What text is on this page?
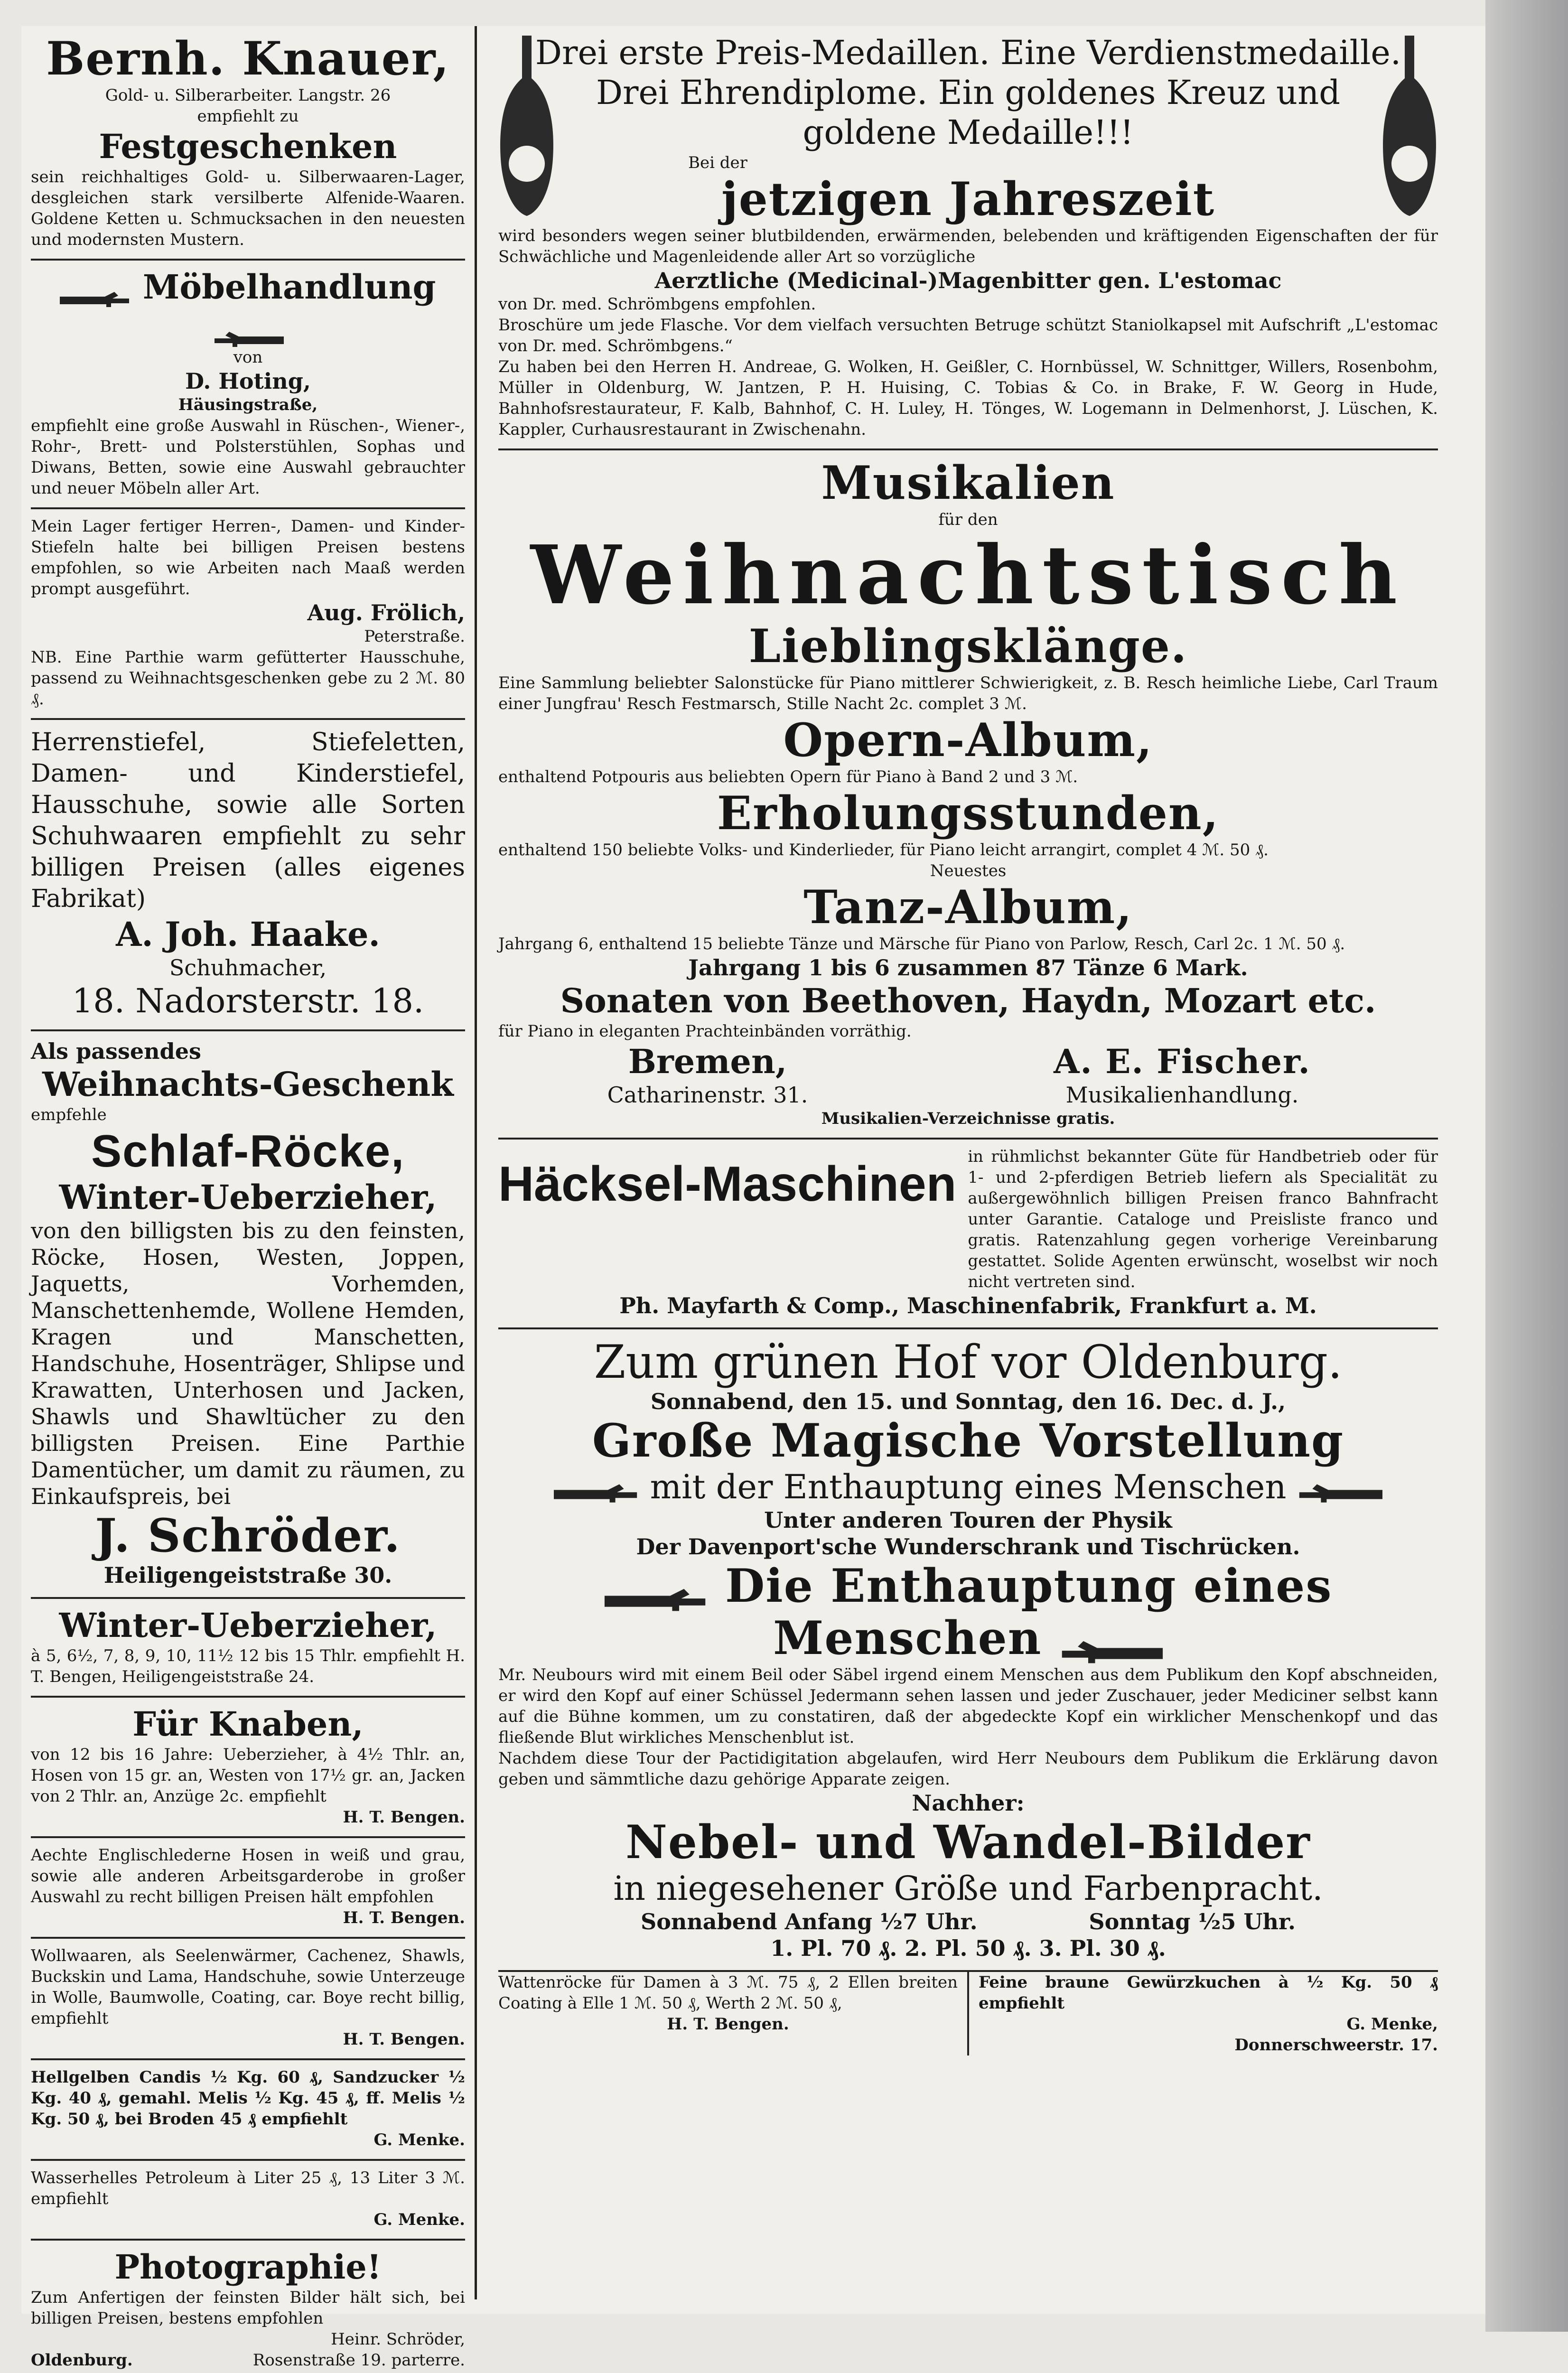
Bernh. Knauer,
Gold- u. Silberarbeiter. Langstr. 26
empfiehlt zu
Festgeschenken
sein reichhaltiges Gold- u. Silberwaaren-Lager, desgleichen stark versilberte Alfenide-Waaren. Goldene Ketten u. Schmucksachen in den neuesten und modernsten Mustern.
Möbelhandlung
von
D. Hoting,
Häusingstraße,
empfiehlt eine große Auswahl in Rüschen-, Wiener-, Rohr-, Brett- und Polsterstühlen, Sophas und Diwans, Betten, sowie eine Auswahl gebrauchter und neuer Möbeln aller Art.
Mein Lager fertiger Herren-, Damen- und Kinder-Stiefeln halte bei billigen Preisen bestens empfohlen, so wie Arbeiten nach Maaß werden prompt ausgeführt.
Aug. Frölich,
Peterstraße.
NB. Eine Parthie warm gefütterter Hausschuhe, passend zu Weihnachtsgeschenken gebe zu 2 ℳ. 80 ₰.
Herrenstiefel, Stiefeletten, Damen- und Kinderstiefel, Hausschuhe, sowie alle Sorten Schuhwaaren empfiehlt zu sehr billigen Preisen (alles eigenes Fabrikat)
A. Joh. Haake.
Schuhmacher,
18. Nadorsterstr. 18.
Als passendes
Weihnachts-Geschenk
empfehle
Schlaf-Röcke,
Winter-Ueberzieher,
von den billigsten bis zu den feinsten, Röcke, Hosen, Westen, Joppen, Jaquetts, Vorhemden, Manschettenhemde, Wollene Hemden, Kragen und Manschetten, Handschuhe, Hosenträger, Shlipse und Krawatten, Unterhosen und Jacken, Shawls und Shawltücher zu den billigsten Preisen. Eine Parthie Damentücher, um damit zu räumen, zu Einkaufspreis, bei
J. Schröder.
Heiligengeiststraße 30.
Winter-Ueberzieher,
à 5, 6½, 7, 8, 9, 10, 11½ 12 bis 15 Thlr. empfiehlt H. T. Bengen, Heiligengeiststraße 24.
Für Knaben,
von 12 bis 16 Jahre: Ueberzieher, à 4½ Thlr. an, Hosen von 15 gr. an, Westen von 17½ gr. an, Jacken von 2 Thlr. an, Anzüge 2c. empfiehlt
H. T. Bengen.
Aechte Englischlederne Hosen in weiß und grau, sowie alle anderen Arbeitsgarderobe in großer Auswahl zu recht billigen Preisen hält empfohlen
H. T. Bengen.
Wollwaaren, als Seelenwärmer, Cachenez, Shawls, Buckskin und Lama, Handschuhe, sowie Unterzeuge in Wolle, Baumwolle, Coating, car. Boye recht billig, empfiehlt
H. T. Bengen.
Hellgelben Candis ½ Kg. 60 ₰, Sandzucker ½ Kg. 40 ₰, gemahl. Melis ½ Kg. 45 ₰, ff. Melis ½ Kg. 50 ₰, bei Broden 45 ₰ empfiehlt
G. Menke.
Wasserhelles Petroleum à Liter 25 ₰, 13 Liter 3 ℳ. empfiehlt
G. Menke.
Photographie!
Zum Anfertigen der feinsten Bilder hält sich, bei billigen Preisen, bestens empfohlen
Heinr. Schröder,
Oldenburg.	Rosenstraße 19. parterre.
Drei erste Preis-Medaillen. Eine Verdienstmedaille.
Drei Ehrendiplome. Ein goldenes Kreuz und
goldene Medaille!!!
Bei der
jetzigen Jahreszeit
wird besonders wegen seiner blutbildenden, erwärmenden, belebenden und kräftigenden Eigenschaften der für Schwächliche und Magenleidende aller Art so vorzügliche
Aerztliche (Medicinal-)Magenbitter gen. L'estomac
von Dr. med. Schrömbgens empfohlen.
Broschüre um jede Flasche. Vor dem vielfach versuchten Betruge schützt Staniolkapsel mit Aufschrift „L'estomac von Dr. med. Schrömbgens.“
Zu haben bei den Herren H. Andreae, G. Wolken, H. Geißler, C. Hornbüssel, W. Schnittger, Willers, Rosenbohm, Müller in Oldenburg, W. Jantzen, P. H. Huising, C. Tobias & Co. in Brake, F. W. Georg in Hude, Bahnhofsrestaurateur, F. Kalb, Bahnhof, C. H. Luley, H. Tönges, W. Logemann in Delmenhorst, J. Lüschen, K. Kappler, Curhausrestaurant in Zwischenahn.
Musikalien
für den
Weihnachtstisch
Lieblingsklänge.
Eine Sammlung beliebter Salonstücke für Piano mittlerer Schwierigkeit, z. B. Resch heimliche Liebe, Carl Traum einer Jungfrau' Resch Festmarsch, Stille Nacht 2c. complet 3 ℳ.
Opern-Album,
enthaltend Potpouris aus beliebten Opern für Piano à Band 2 und 3 ℳ.
Erholungsstunden,
enthaltend 150 beliebte Volks- und Kinderlieder, für Piano leicht arrangirt, complet 4 ℳ. 50 ₰.
Neuestes
Tanz-Album,
Jahrgang 6, enthaltend 15 beliebte Tänze und Märsche für Piano von Parlow, Resch, Carl 2c. 1 ℳ. 50 ₰.
Jahrgang 1 bis 6 zusammen 87 Tänze 6 Mark.
Sonaten von Beethoven, Haydn, Mozart etc.
für Piano in eleganten Prachteinbänden vorräthig.
Bremen,
Catharinenstr. 31.
A. E. Fischer.
Musikalienhandlung.
Musikalien-Verzeichnisse gratis.
Häcksel-Maschinen in rühmlichst bekannter Güte für Handbetrieb oder für 1- und 2-pferdigen Betrieb liefern als Specialität zu außergewöhnlich billigen Preisen franco Bahnfracht unter Garantie. Cataloge und Preisliste franco und gratis. Ratenzahlung gegen vorherige Vereinbarung gestattet. Solide Agenten erwünscht, woselbst wir noch nicht vertreten sind.
Ph. Mayfarth & Comp., Maschinenfabrik, Frankfurt a. M.
Zum grünen Hof vor Oldenburg.
Sonnabend, den 15. und Sonntag, den 16. Dec. d. J.,
Große Magische Vorstellung
mit der Enthauptung eines Menschen
Unter anderen Touren der Physik
Der Davenport'sche Wunderschrank und Tischrücken.
Die Enthauptung eines Menschen
Mr. Neubours wird mit einem Beil oder Säbel irgend einem Menschen aus dem Publikum den Kopf abschneiden, er wird den Kopf auf einer Schüssel Jedermann sehen lassen und jeder Zuschauer, jeder Mediciner selbst kann auf die Bühne kommen, um zu constatiren, daß der abgedeckte Kopf ein wirklicher Menschenkopf und das fließende Blut wirkliches Menschenblut ist.
Nachdem diese Tour der Pactidigitation abgelaufen, wird Herr Neubours dem Publikum die Erklärung davon geben und sämmtliche dazu gehörige Apparate zeigen.
Nachher:
Nebel- und Wandel-Bilder
in niegesehener Größe und Farbenpracht.
Sonnabend Anfang ½7 Uhr.	Sonntag ½5 Uhr.
1. Pl. 70 ₰. 2. Pl. 50 ₰. 3. Pl. 30 ₰.
Wattenröcke für Damen à 3 ℳ. 75 ₰, 2 Ellen breiten Coating à Elle 1 ℳ. 50 ₰, Werth 2 ℳ. 50 ₰,
H. T. Bengen.
Feine braune Gewürzkuchen à ½ Kg. 50 ₰ empfiehlt
G. Menke,
Donnerschweerstr. 17.
